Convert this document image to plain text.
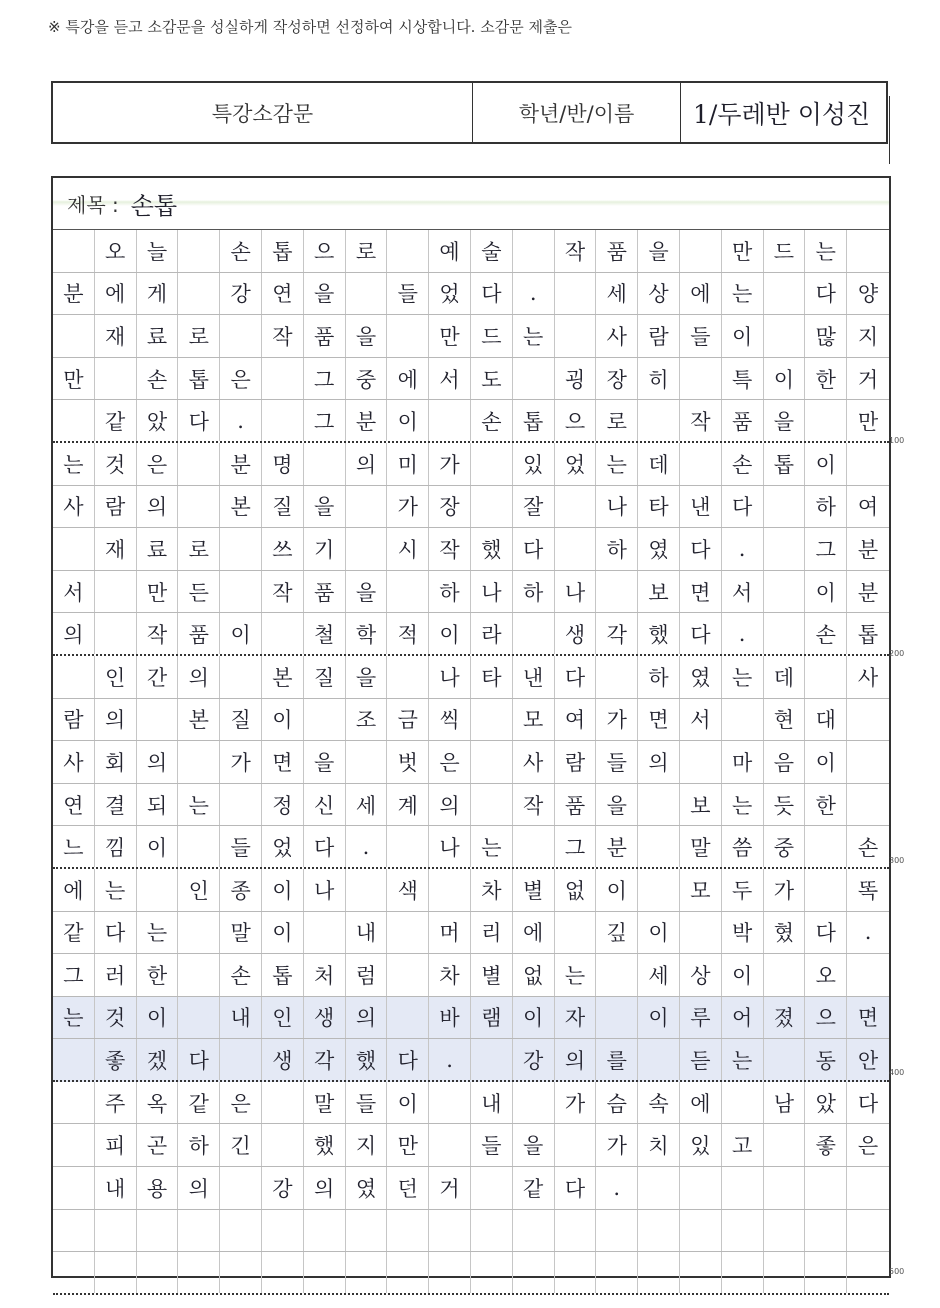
※ 특강을 듣고 소감문을 성실하게 작성하면 선정하여 시상합니다. 소감문 제출은
특강소감문	학년/반/이름	1/두레반 이성진
제목 : 손톱
오	늘	손	톱	으	로	예	술	작	품	을	만	드	는
분	에	게	강	연	을	들	었	다	.	세	상	에	는	다	양
재	료	로	작	품	을	만	드	는	사	람	들	이	많	지
만	손	톱	은	그	중	에	서	도	굉	장	히	특	이	한	거
같	았	다	.	그	분	이	손	톱	으	로	작	품	을	만
는	것	은	분	명	의	미	가	있	었	는	데	손	톱	이
사	람	의	본	질	을	가	장	잘	나	타	낸	다	하	여
재	료	로	쓰	기	시	작	했	다	하	였	다	.	그	분
서	만	든	작	품	을	하	나	하	나	보	면	서	이	분
의	작	품	이	철	학	적	이	라	생	각	했	다	.	손	톱
인	간	의	본	질	을	나	타	낸	다	하	였	는	데	사
람	의	본	질	이	조	금	씩	모	여	가	면	서	현	대
사	회	의	가	면	을	벗	은	사	람	들	의	마	음	이
연	결	되	는	정	신	세	계	의	작	품	을	보	는	듯	한
느	낌	이	들	었	다	.	나	는	그	분	말	씀	중	손
에	는	인	종	이	나	색	차	별	없	이	모	두	가	똑
같	다	는	말	이	내	머	리	에	깊	이	박	혔	다	.
그	러	한	손	톱	처	럼	차	별	없	는	세	상	이	오
는	것	이	내	인	생	의	바	램	이	자	이	루	어	졌	으	면
좋	겠	다	생	각	했	다	.	강	의	를	듣	는	동	안
주	옥	같	은	말	들	이	내	가	슴	속	에	남	았	다
피	곤	하	긴	했	지	만	들	을	가	치	있	고	좋	은
내	용	의	강	의	였	던	거	같	다	.
100
200
300
400
500
